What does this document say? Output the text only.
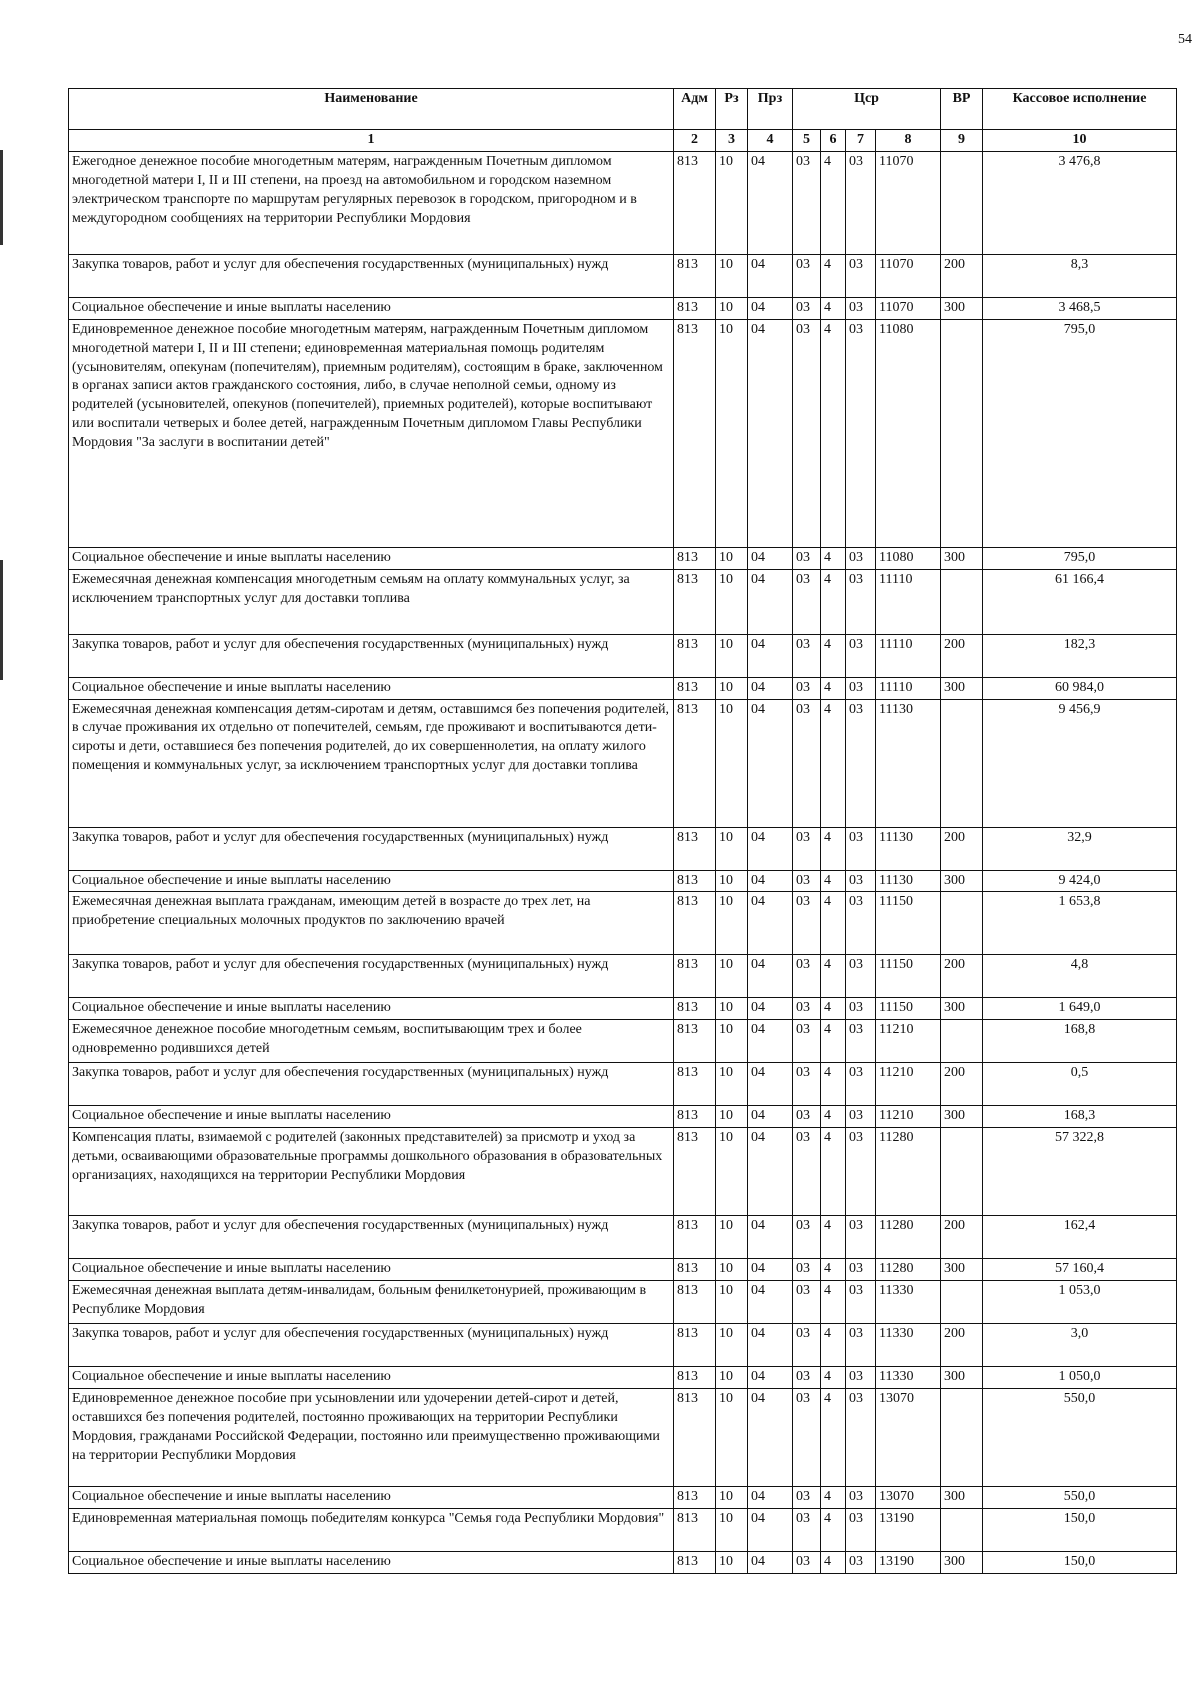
54
Наименование	Адм	Рз	Прз	Цср				ВР	Кассовое исполнение
1	2	3	4	5	6	7	8	9	10
Ежегодное денежное пособие многодетным матерям, награжденным Почетным дипломом многодетной матери I, II и III степени, на проезд на автомобильном и городском наземном электрическом транспорте по маршрутам регулярных перевозок в городском, пригородном и в междугородном сообщениях на территории Республики Мордовия	813	10	04	03	4	03	11070		3 476,8
Закупка товаров, работ и услуг для обеспечения государственных (муниципальных) нужд	813	10	04	03	4	03	11070	200	8,3
Социальное обеспечение и иные выплаты населению	813	10	04	03	4	03	11070	300	3 468,5
Единовременное денежное пособие многодетным матерям, награжденным Почетным дипломом многодетной матери I, II и III степени; единовременная материальная помощь родителям (усыновителям, опекунам (попечителям), приемным родителям), состоящим в браке, заключенном в органах записи актов гражданского состояния, либо, в случае неполной семьи, одному из родителей (усыновителей, опекунов (попечителей), приемных родителей), которые воспитывают или воспитали четверых и более детей, награжденным Почетным дипломом Главы Республики Мордовия "За заслуги в воспитании детей"	813	10	04	03	4	03	11080		795,0
Социальное обеспечение и иные выплаты населению	813	10	04	03	4	03	11080	300	795,0
Ежемесячная денежная компенсация многодетным семьям на оплату коммунальных услуг, за исключением транспортных услуг для доставки топлива	813	10	04	03	4	03	11110		61 166,4
Закупка товаров, работ и услуг для обеспечения государственных (муниципальных) нужд	813	10	04	03	4	03	11110	200	182,3
Социальное обеспечение и иные выплаты населению	813	10	04	03	4	03	11110	300	60 984,0
Ежемесячная денежная компенсация детям-сиротам и детям, оставшимся без попечения родителей, в случае проживания их отдельно от попечителей, семьям, где проживают и воспитываются дети-сироты и дети, оставшиеся без попечения родителей, до их совершеннолетия, на оплату жилого помещения и коммунальных услуг, за исключением транспортных услуг для доставки топлива	813	10	04	03	4	03	11130		9 456,9
Закупка товаров, работ и услуг для обеспечения государственных (муниципальных) нужд	813	10	04	03	4	03	11130	200	32,9
Социальное обеспечение и иные выплаты населению	813	10	04	03	4	03	11130	300	9 424,0
Ежемесячная денежная выплата гражданам, имеющим детей в возрасте до трех лет, на приобретение специальных молочных продуктов по заключению врачей	813	10	04	03	4	03	11150		1 653,8
Закупка товаров, работ и услуг для обеспечения государственных (муниципальных) нужд	813	10	04	03	4	03	11150	200	4,8
Социальное обеспечение и иные выплаты населению	813	10	04	03	4	03	11150	300	1 649,0
Ежемесячное денежное пособие многодетным семьям, воспитывающим трех и более одновременно родившихся детей	813	10	04	03	4	03	11210		168,8
Закупка товаров, работ и услуг для обеспечения государственных (муниципальных) нужд	813	10	04	03	4	03	11210	200	0,5
Социальное обеспечение и иные выплаты населению	813	10	04	03	4	03	11210	300	168,3
Компенсация платы, взимаемой с родителей (законных представителей) за присмотр и уход за детьми, осваивающими образовательные программы дошкольного образования в образовательных организациях, находящихся на территории Республики Мордовия	813	10	04	03	4	03	11280		57 322,8
Закупка товаров, работ и услуг для обеспечения государственных (муниципальных) нужд	813	10	04	03	4	03	11280	200	162,4
Социальное обеспечение и иные выплаты населению	813	10	04	03	4	03	11280	300	57 160,4
Ежемесячная денежная выплата детям-инвалидам, больным фенилкетонурией, проживающим в Республике Мордовия	813	10	04	03	4	03	11330		1 053,0
Закупка товаров, работ и услуг для обеспечения государственных (муниципальных) нужд	813	10	04	03	4	03	11330	200	3,0
Социальное обеспечение и иные выплаты населению	813	10	04	03	4	03	11330	300	1 050,0
Единовременное денежное пособие при усыновлении или удочерении детей-сирот и детей, оставшихся без попечения родителей, постоянно проживающих на территории Республики Мордовия, гражданами Российской Федерации, постоянно или преимущественно проживающими на территории Республики Мордовия	813	10	04	03	4	03	13070		550,0
Социальное обеспечение и иные выплаты населению	813	10	04	03	4	03	13070	300	550,0
Единовременная материальная помощь победителям конкурса "Семья года Республики Мордовия"	813	10	04	03	4	03	13190		150,0
Социальное обеспечение и иные выплаты населению	813	10	04	03	4	03	13190	300	150,0
